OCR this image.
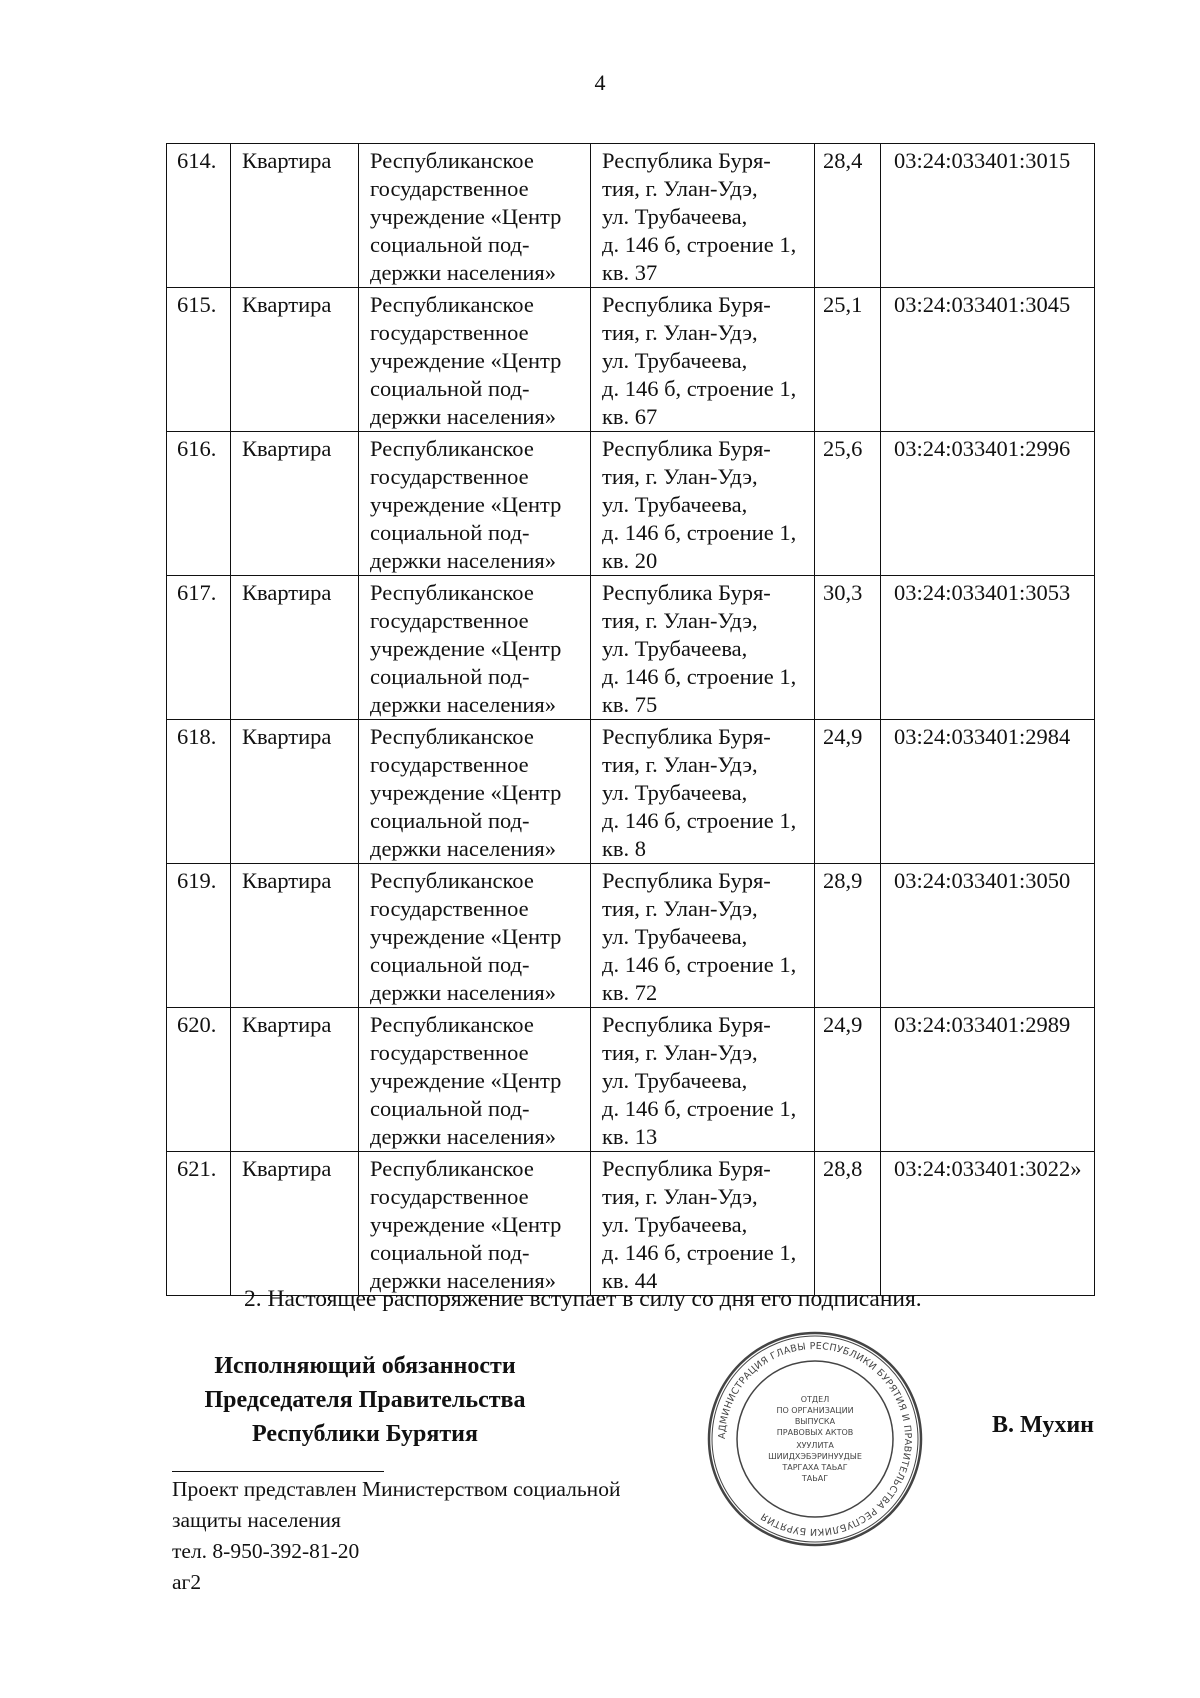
4
614.	Квартира	Республиканское
государственное
учреждение «Центр
социальной под-
держки населения»	Республика Буря-
тия, г. Улан-Удэ,
ул. Трубачеева,
д. 146 б, строение 1,
кв. 37	28,4	03:24:033401:3015
615.	Квартира	Республиканское
государственное
учреждение «Центр
социальной под-
держки населения»	Республика Буря-
тия, г. Улан-Удэ,
ул. Трубачеева,
д. 146 б, строение 1,
кв. 67	25,1	03:24:033401:3045
616.	Квартира	Республиканское
государственное
учреждение «Центр
социальной под-
держки населения»	Республика Буря-
тия, г. Улан-Удэ,
ул. Трубачеева,
д. 146 б, строение 1,
кв. 20	25,6	03:24:033401:2996
617.	Квартира	Республиканское
государственное
учреждение «Центр
социальной под-
держки населения»	Республика Буря-
тия, г. Улан-Удэ,
ул. Трубачеева,
д. 146 б, строение 1,
кв. 75	30,3	03:24:033401:3053
618.	Квартира	Республиканское
государственное
учреждение «Центр
социальной под-
держки населения»	Республика Буря-
тия, г. Улан-Удэ,
ул. Трубачеева,
д. 146 б, строение 1,
кв. 8	24,9	03:24:033401:2984
619.	Квартира	Республиканское
государственное
учреждение «Центр
социальной под-
держки населения»	Республика Буря-
тия, г. Улан-Удэ,
ул. Трубачеева,
д. 146 б, строение 1,
кв. 72	28,9	03:24:033401:3050
620.	Квартира	Республиканское
государственное
учреждение «Центр
социальной под-
держки населения»	Республика Буря-
тия, г. Улан-Удэ,
ул. Трубачеева,
д. 146 б, строение 1,
кв. 13	24,9	03:24:033401:2989
621.	Квартира	Республиканское
государственное
учреждение «Центр
социальной под-
держки населения»	Республика Буря-
тия, г. Улан-Удэ,
ул. Трубачеева,
д. 146 б, строение 1,
кв. 44	28,8	03:24:033401:3022»
2. Настоящее распоряжение вступает в силу со дня его подписания.
Исполняющий обязанности
Председателя Правительства
Республики Бурятия	АДМИНИСТРАЦИЯ ГЛАВЫ РЕСПУБЛИКИ БУРЯТИЯ И ПРАВИТЕЛЬСТВА РЕСПУБЛИКИ БУРЯТИЯ
ОТДЕЛ
ПО ОРГАНИЗАЦИИ
ВЫПУСКА
ПРАВОВЫХ АКТОВ
ХУУЛИТА
ШИИДХЭБЭРИНУУДЫЕ
ТАРГАХА ТАЬАГ
ТАЬАГ
В. Мухин
Проект представлен Министерством социальной
защиты населения
тел. 8-950-392-81-20
аг2
